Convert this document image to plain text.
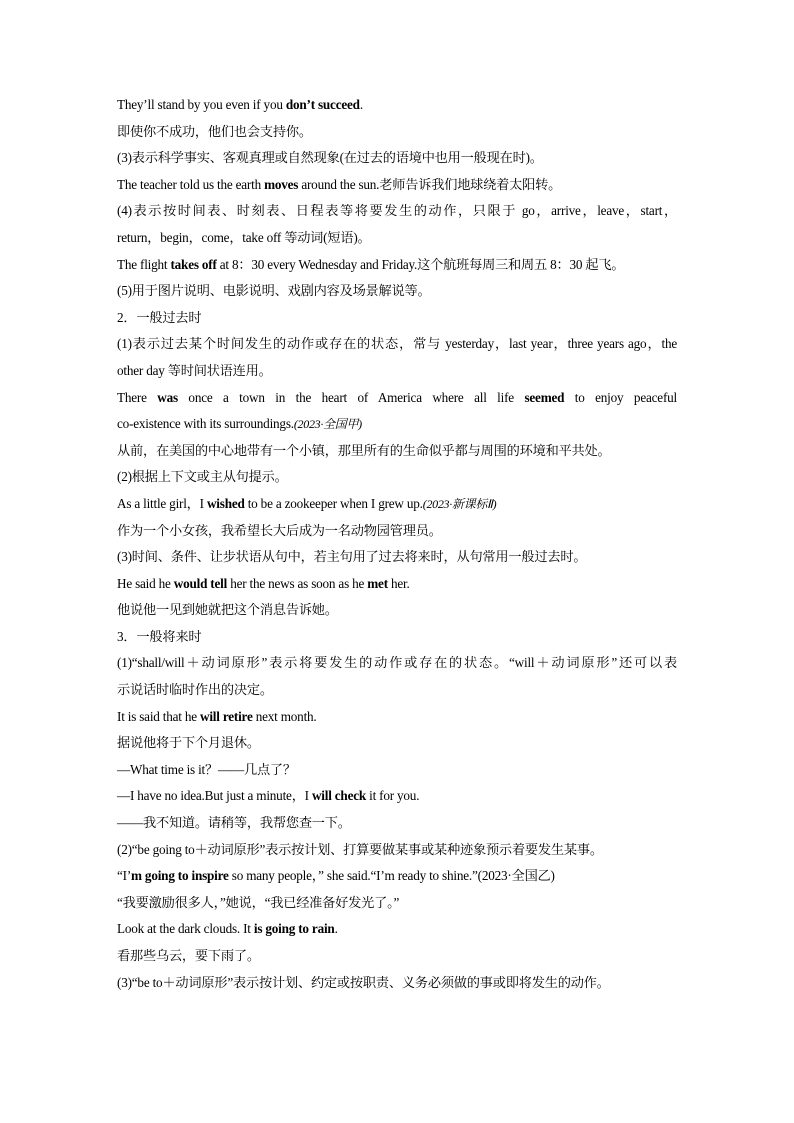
They’ll stand by you even if you don’t succeed.
即使你不成功，他们也会支持你。
(3)表示科学事实、客观真理或自然现象(在过去的语境中也用一般现在时)。
The teacher told us the earth moves around the sun.老师告诉我们地球绕着太阳转。
(4)表示按时间表、时刻表、日程表等将要发生的动作，只限于 go，arrive，leave，start，
return，begin，come，take off 等动词(短语)。
The flight takes off at 8：30 every Wednesday and Friday.这个航班每周三和周五 8：30 起飞。
(5)用于图片说明、电影说明、戏剧内容及场景解说等。
2．一般过去时
(1)表示过去某个时间发生的动作或存在的状态，常与 yesterday，last year，three years ago，the
other day 等时间状语连用。
There was once a town in the heart of America where all life seemed to enjoy peaceful
co-existence with its surroundings.(2023·全国甲)
从前，在美国的中心地带有一个小镇，那里所有的生命似乎都与周围的环境和平共处。
(2)根据上下文或主从句提示。
As a little girl，I wished to be a zookeeper when I grew up.(2023·新课标Ⅱ)
作为一个小女孩，我希望长大后成为一名动物园管理员。
(3)时间、条件、让步状语从句中，若主句用了过去将来时，从句常用一般过去时。
He said he would tell her the news as soon as he met her.
他说他一见到她就把这个消息告诉她。
3．一般将来时
(1)“shall/will＋动词原形”表示将要发生的动作或存在的状态。“will＋动词原形”还可以表
示说话时临时作出的决定。
It is said that he will retire next month.
据说他将于下个月退休。
—What time is it？——几点了？
—I have no idea.But just a minute，I will check it for you.
——我不知道。请稍等，我帮您查一下。
(2)“be going to＋动词原形”表示按计划、打算要做某事或某种迹象预示着要发生某事。
“I’m going to inspire so many people，” she said.“I’m ready to shine.”(2023·全国乙)
“我要激励很多人，”她说，“我已经准备好发光了。”
Look at the dark clouds. It is going to rain.
看那些乌云，要下雨了。
(3)“be to＋动词原形”表示按计划、约定或按职责、义务必须做的事或即将发生的动作。
